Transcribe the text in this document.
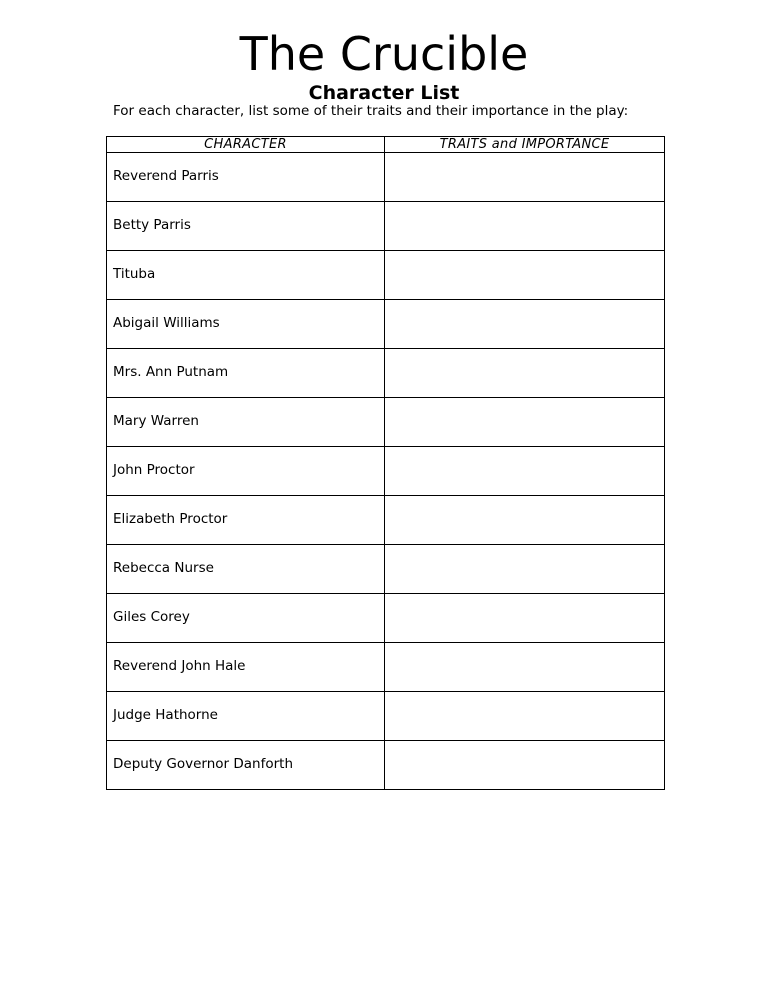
The Crucible
Character List

For each character, list some of their traits and their importance in the play:

CHARACTER	TRAITS and IMPORTANCE
Reverend Parris	
Betty Parris	
Tituba	
Abigail Williams	
Mrs. Ann Putnam	
Mary Warren	
John Proctor	
Elizabeth Proctor	
Rebecca Nurse	
Giles Corey	
Reverend John Hale	
Judge Hathorne	
Deputy Governor Danforth	
